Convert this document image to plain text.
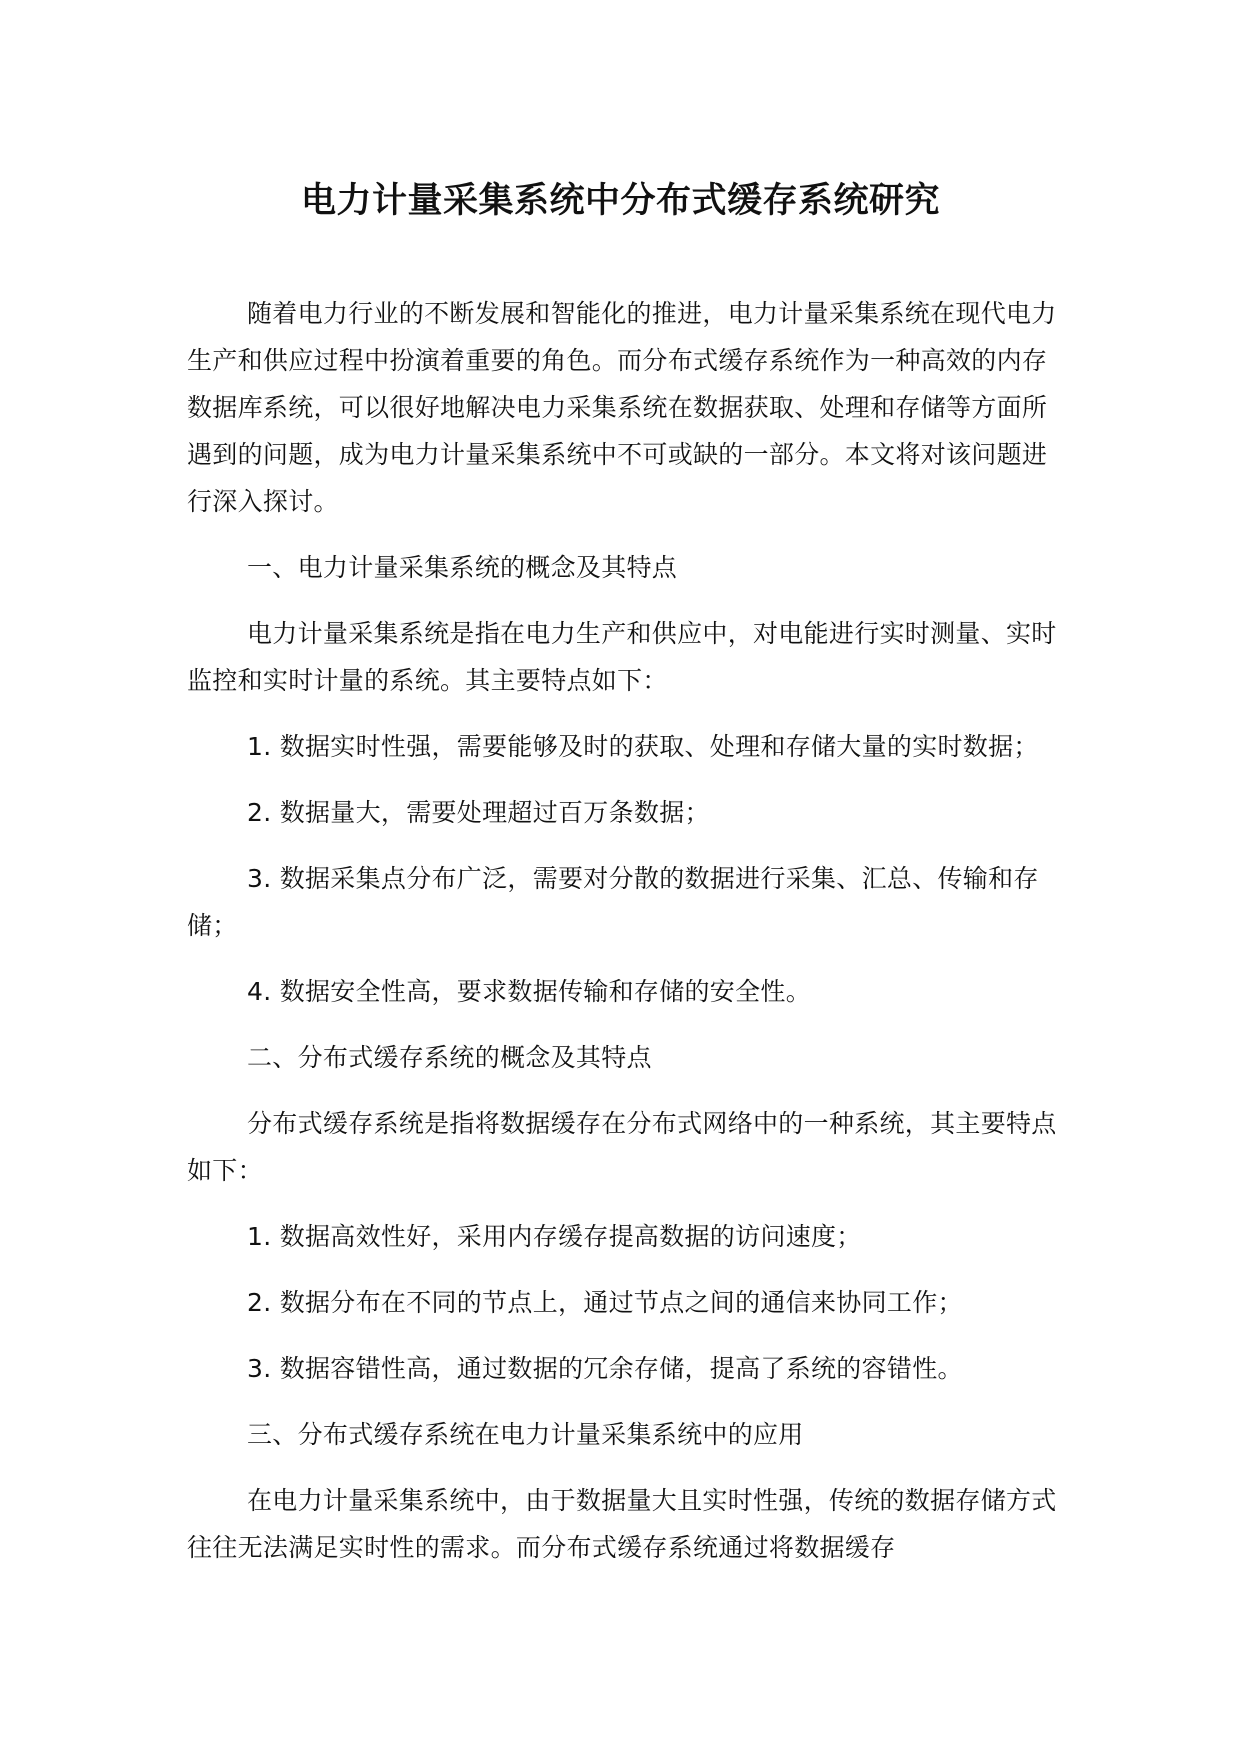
电力计量采集系统中分布式缓存系统研究

随着电力行业的不断发展和智能化的推进，电力计量采集系统在现代电力生产和供应过程中扮演着重要的角色。而分布式缓存系统作为一种高效的内存数据库系统，可以很好地解决电力采集系统在数据获取、处理和存储等方面所遇到的问题，成为电力计量采集系统中不可或缺的一部分。本文将对该问题进行深入探讨。

一、电力计量采集系统的概念及其特点

电力计量采集系统是指在电力生产和供应中，对电能进行实时测量、实时监控和实时计量的系统。其主要特点如下：

1. 数据实时性强，需要能够及时的获取、处理和存储大量的实时数据；

2. 数据量大，需要处理超过百万条数据；

3. 数据采集点分布广泛，需要对分散的数据进行采集、汇总、传输和存储；

4. 数据安全性高，要求数据传输和存储的安全性。

二、分布式缓存系统的概念及其特点

分布式缓存系统是指将数据缓存在分布式网络中的一种系统，其主要特点如下：

1. 数据高效性好，采用内存缓存提高数据的访问速度；

2. 数据分布在不同的节点上，通过节点之间的通信来协同工作；

3. 数据容错性高，通过数据的冗余存储，提高了系统的容错性。

三、分布式缓存系统在电力计量采集系统中的应用

在电力计量采集系统中，由于数据量大且实时性强，传统的数据存储方式往往无法满足实时性的需求。而分布式缓存系统通过将数据缓存
